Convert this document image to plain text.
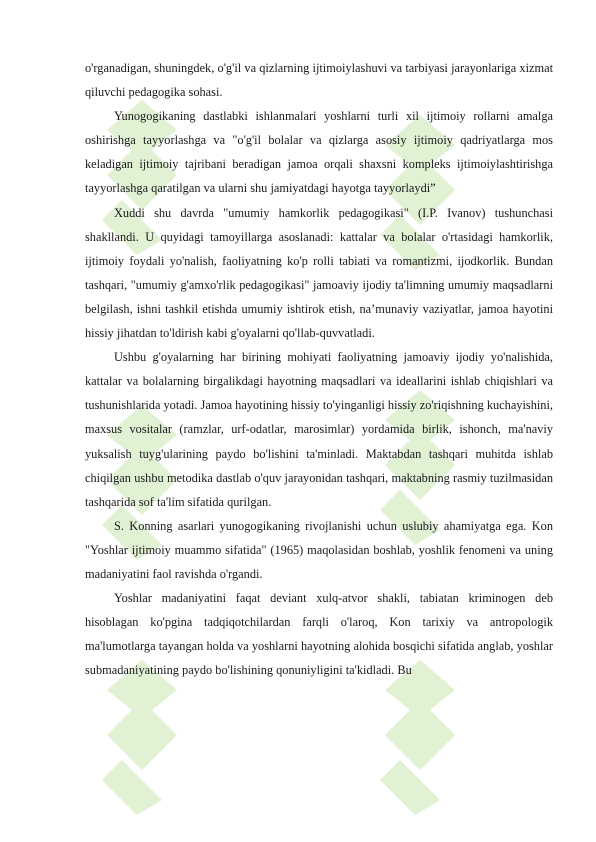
o'rganadigan, shuningdek, o'g'il va qizlarning ijtimoiylashuvi va tarbiyasi jarayonlariga xizmat qiluvchi pedagogika sohasi.

Yunogogikaning dastlabki ishlanmalari yoshlarni turli xil ijtimoiy rollarni amalga oshirishga tayyorlashga va "o'g'il bolalar va qizlarga asosiy ijtimoiy qadriyatlarga mos keladigan ijtimoiy tajribani beradigan jamoa orqali shaxsni kompleks ijtimoiylashtirishga tayyorlashga qaratilgan va ularni shu jamiyatdagi hayotga tayyorlaydi”

Xuddi shu davrda "umumiy hamkorlik pedagogikasi" (I.P. Ivanov) tushunchasi shakllandi. U quyidagi tamoyillarga asoslanadi: kattalar va bolalar o'rtasidagi hamkorlik, ijtimoiy foydali yo'nalish, faoliyatning ko'p rolli tabiati va romantizmi, ijodkorlik. Bundan tashqari, "umumiy g'amxo'rlik pedagogikasi" jamoaviy ijodiy ta'limning umumiy maqsadlarni belgilash, ishni tashkil etishda umumiy ishtirok etish, na’munaviy vaziyatlar, jamoa hayotini hissiy jihatdan to'ldirish kabi g'oyalarni qo'llab-quvvatladi.

Ushbu g'oyalarning har birining mohiyati faoliyatning jamoaviy ijodiy yo'nalishida, kattalar va bolalarning birgalikdagi hayotning maqsadlari va ideallarini ishlab chiqishlari va tushunishlarida yotadi. Jamoa hayotining hissiy to'yinganligi hissiy zo'riqishning kuchayishini, maxsus vositalar (ramzlar, urf-odatlar, marosimlar) yordamida birlik, ishonch, ma'naviy yuksalish tuyg'ularining paydo bo'lishini ta'minladi. Maktabdan tashqari muhitda ishlab chiqilgan ushbu metodika dastlab o'quv jarayonidan tashqari, maktabning rasmiy tuzilmasidan tashqarida sof ta'lim sifatida qurilgan.

S. Konning asarlari yunogogikaning rivojlanishi uchun uslubiy ahamiyatga ega. Kon "Yoshlar ijtimoiy muammo sifatida" (1965) maqolasidan boshlab, yoshlik fenomeni va uning madaniyatini faol ravishda o'rgandi.

Yoshlar madaniyatini faqat deviant xulq-atvor shakli, tabiatan kriminogen deb hisoblagan ko'pgina tadqiqotchilardan farqli o'laroq, Kon tarixiy va antropologik ma'lumotlarga tayangan holda va yoshlarni hayotning alohida bosqichi sifatida anglab, yoshlar submadaniyatining paydo bo'lishining qonuniyligini ta'kidladi. Bu
